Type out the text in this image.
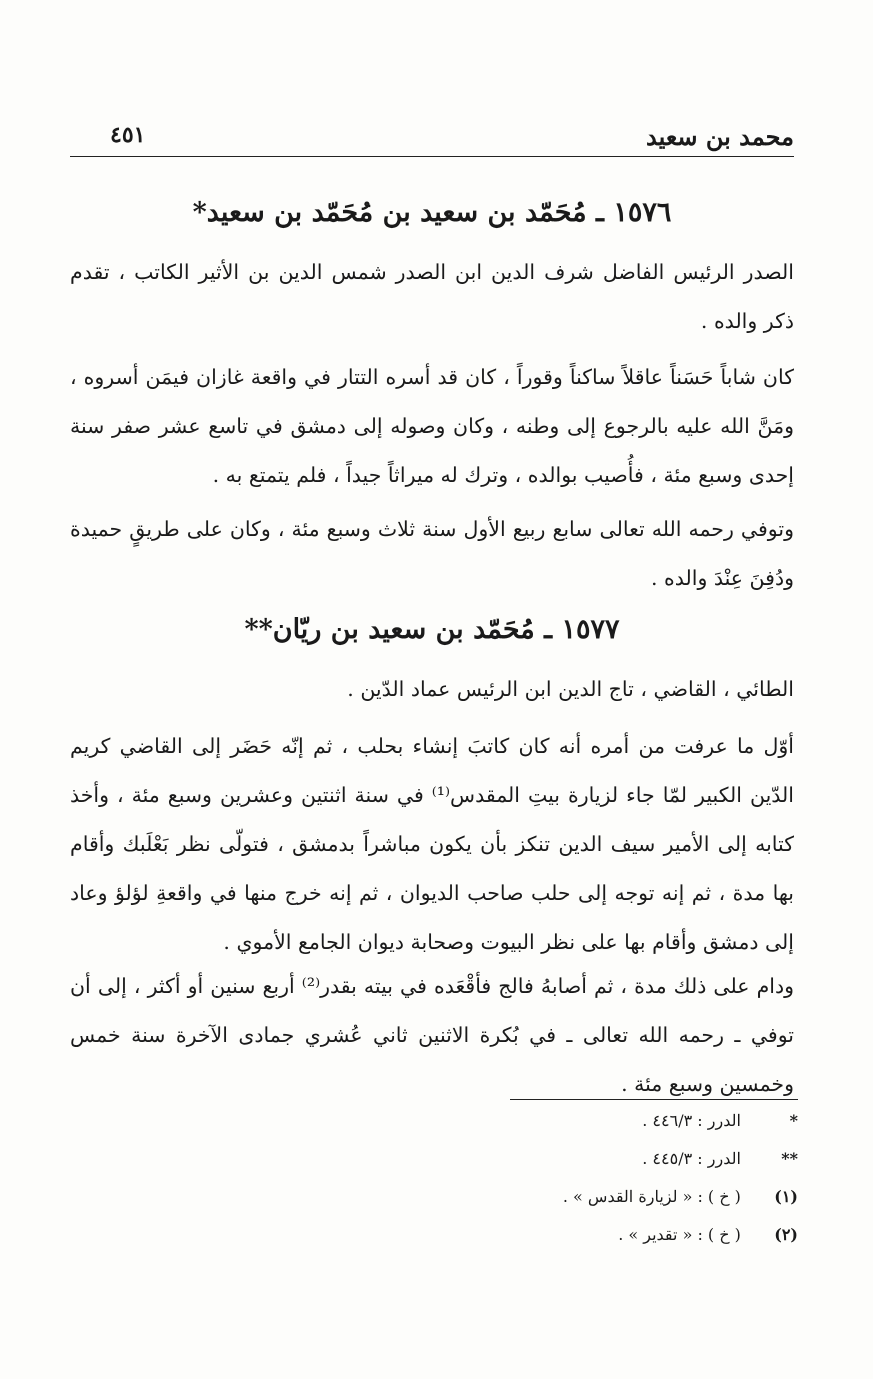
محمد بن سعيد
٤٥١
١٥٧٦ ـ مُحَمّد بن سعيد بن مُحَمّد بن سعيد*

الصدر الرئيس الفاضل شرف الدين ابن الصدر شمس الدين بن الأثير الكاتب ، تقدم ذكر والده .

كان شاباً حَسَناً عاقلاً ساكناً وقوراً ، كان قد أسره التتار في واقعة غازان فيمَن أسروه ، ومَنَّ الله عليه بالرجوع إلى وطنه ، وكان وصوله إلى دمشق في تاسع عشر صفر سنة إحدى وسبع مئة ، فأُصيب بوالده ، وترك له ميراثاً جيداً ، فلم يتمتع به .

وتوفي رحمه الله تعالى سابع ربيع الأول سنة ثلاث وسبع مئة ، وكان على طريقٍ حميدة ودُفِنَ عِنْدَ والده .

١٥٧٧ ـ مُحَمّد بن سعيد بن ريّان**

الطائي ، القاضي ، تاج الدين ابن الرئيس عماد الدّين .

أوّل ما عرفت من أمره أنه كان كاتبَ إنشاء بحلب ، ثم إنّه حَضَر إلى القاضي كريم الدّين الكبير لمّا جاء لزيارة بيتِ المقدس⁽¹⁾ في سنة اثنتين وعشرين وسبع مئة ، وأخذ كتابه إلى الأمير سيف الدين تنكز بأن يكون مباشراً بدمشق ، فتولّى نظر بَعْلَبك وأقام بها مدة ، ثم إنه توجه إلى حلب صاحب الديوان ، ثم إنه خرج منها في واقعةِ لؤلؤ وعاد إلى دمشق وأقام بها على نظر البيوت وصحابة ديوان الجامع الأموي .

ودام على ذلك مدة ، ثم أصابهُ فالج فأقْعَده في بيته بقدر⁽²⁾ أربع سنين أو أكثر ، إلى أن توفي ـ رحمه الله تعالى ـ في بُكرة الاثنين ثاني عُشري جمادى الآخرة سنة خمس وخمسين وسبع مئة .

* الدرر : ٤٤٦/٣ .
** الدرر : ٤٤٥/٣ .
(١) ( خ ) : « لزيارة القدس » .
(٢) ( خ ) : « تقدير » .
